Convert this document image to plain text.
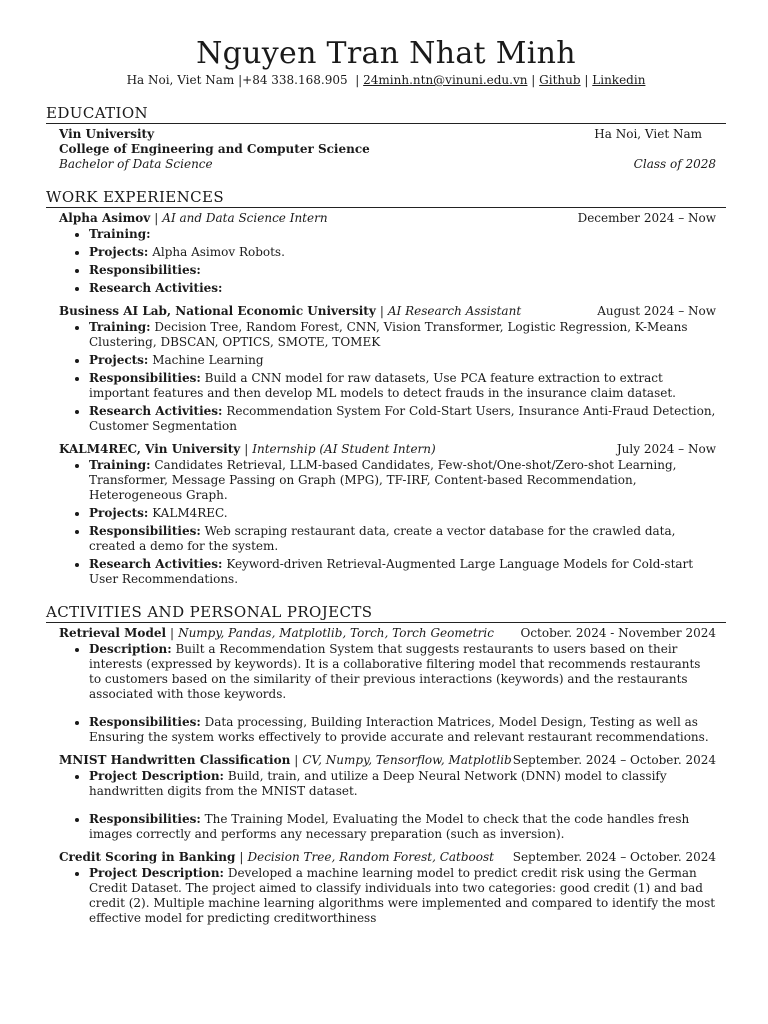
Nguyen Tran Nhat Minh
Ha Noi, Viet Nam |+84 338.168.905  | 24minh.ntn@vinuni.edu.vn | Github | Linkedin
EDUCATION
Vin University	Ha Noi, Viet Nam
College of Engineering and Computer Science
Bachelor of Data Science	Class of 2028
WORK EXPERIENCES
Alpha Asimov | AI and Data Science Intern	December 2024 – Now
• Training:
• Projects: Alpha Asimov Robots.
• Responsibilities:
• Research Activities:
Business AI Lab, National Economic University | AI Research Assistant	August 2024 – Now
• Training: Decision Tree, Random Forest, CNN, Vision Transformer, Logistic Regression, K-Means Clustering, DBSCAN, OPTICS, SMOTE, TOMEK
• Projects: Machine Learning
• Responsibilities: Build a CNN model for raw datasets, Use PCA feature extraction to extract important features and then develop ML models to detect frauds in the insurance claim dataset.
• Research Activities: Recommendation System For Cold-Start Users, Insurance Anti-Fraud Detection, Customer Segmentation
KALM4REC, Vin University | Internship (AI Student Intern)	July 2024 – Now
• Training: Candidates Retrieval, LLM-based Candidates, Few-shot/One-shot/Zero-shot Learning, Transformer, Message Passing on Graph (MPG), TF-IRF, Content-based Recommendation, Heterogeneous Graph.
• Projects: KALM4REC.
• Responsibilities: Web scraping restaurant data, create a vector database for the crawled data, created a demo for the system.
• Research Activities: Keyword-driven Retrieval-Augmented Large Language Models for Cold-start User Recommendations.
ACTIVITIES AND PERSONAL PROJECTS
Retrieval Model | Numpy, Pandas, Matplotlib, Torch, Torch Geometric October. 2024 - November 2024
• Description: Built a Recommendation System that suggests restaurants to users based on their interests (expressed by keywords). It is a collaborative filtering model that recommends restaurants to customers based on the similarity of their previous interactions (keywords) and the restaurants associated with those keywords.
• Responsibilities: Data processing, Building Interaction Matrices, Model Design, Testing as well as Ensuring the system works effectively to provide accurate and relevant restaurant recommendations.
MNIST Handwritten Classification | CV, Numpy, Tensorflow, Matplotlib September. 2024 – October. 2024
• Project Description: Build, train, and utilize a Deep Neural Network (DNN) model to classify handwritten digits from the MNIST dataset.
• Responsibilities: The Training Model, Evaluating the Model to check that the code handles fresh images correctly and performs any necessary preparation (such as inversion).
Credit Scoring in Banking | Decision Tree, Random Forest, Catboost September. 2024 – October. 2024
• Project Description: Developed a machine learning model to predict credit risk using the German Credit Dataset. The project aimed to classify individuals into two categories: good credit (1) and bad credit (2). Multiple machine learning algorithms were implemented and compared to identify the most effective model for predicting creditworthiness
